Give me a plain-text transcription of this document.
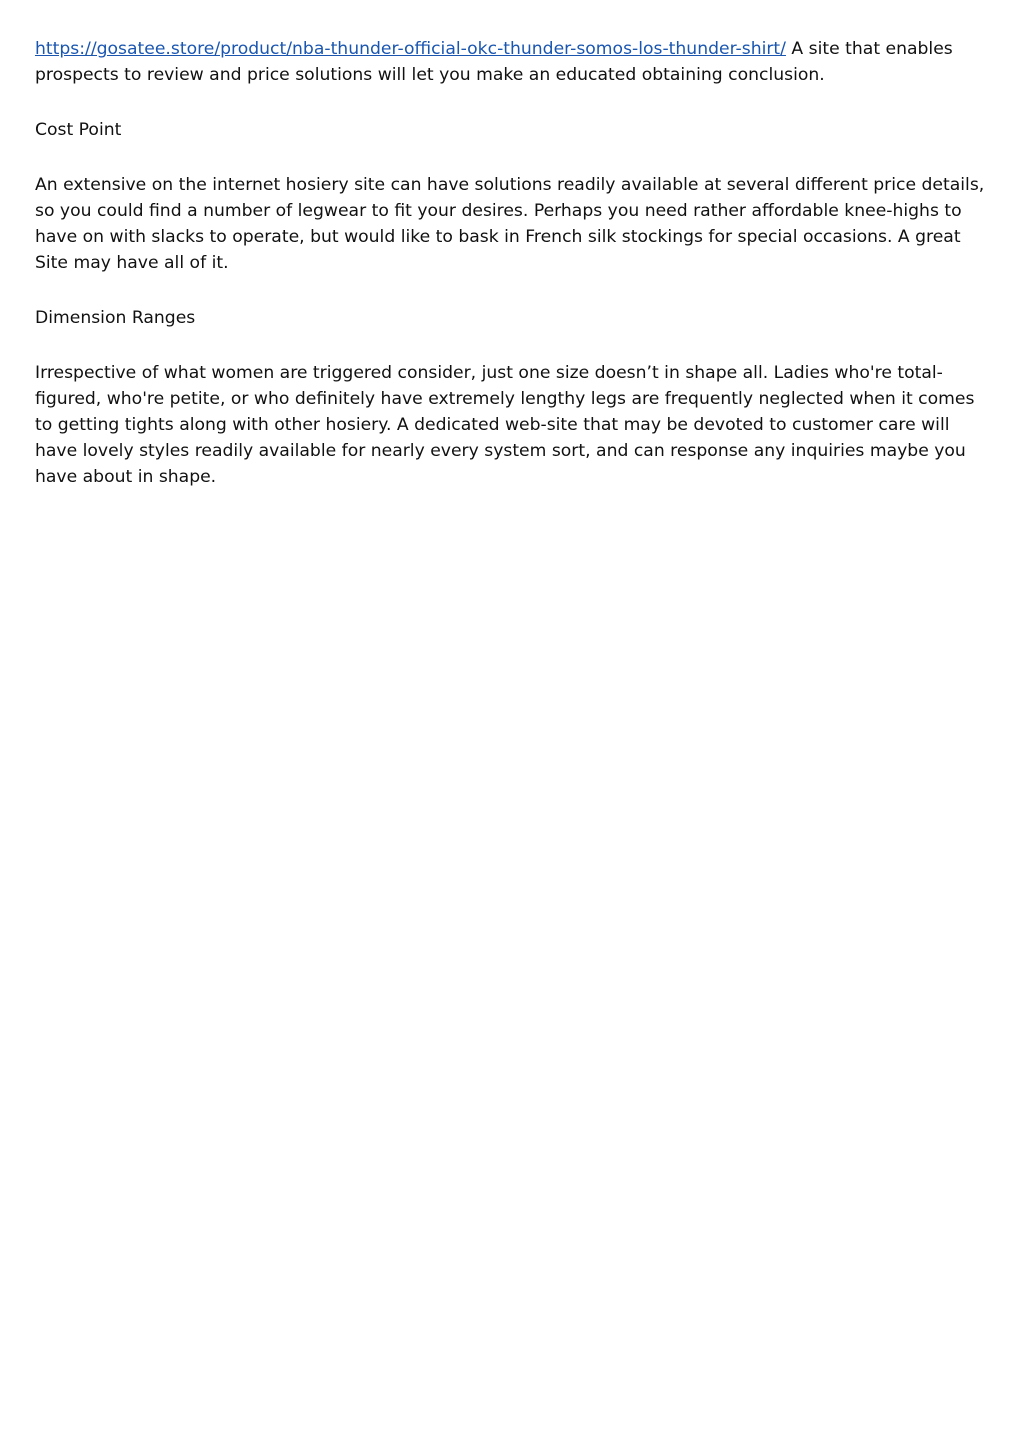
https://gosatee.store/product/nba-thunder-official-okc-thunder-somos-los-thunder-shirt/ A site that enables prospects to review and price solutions will let you make an educated obtaining conclusion.

Cost Point

An extensive on the internet hosiery site can have solutions readily available at several different price details, so you could find a number of legwear to fit your desires. Perhaps you need rather affordable knee-highs to have on with slacks to operate, but would like to bask in French silk stockings for special occasions. A great Site may have all of it.

Dimension Ranges

Irrespective of what women are triggered consider, just one size doesn’t in shape all. Ladies who're total-figured, who're petite, or who definitely have extremely lengthy legs are frequently neglected when it comes to getting tights along with other hosiery. A dedicated web-site that may be devoted to customer care will have lovely styles readily available for nearly every system sort, and can response any inquiries maybe you have about in shape.
